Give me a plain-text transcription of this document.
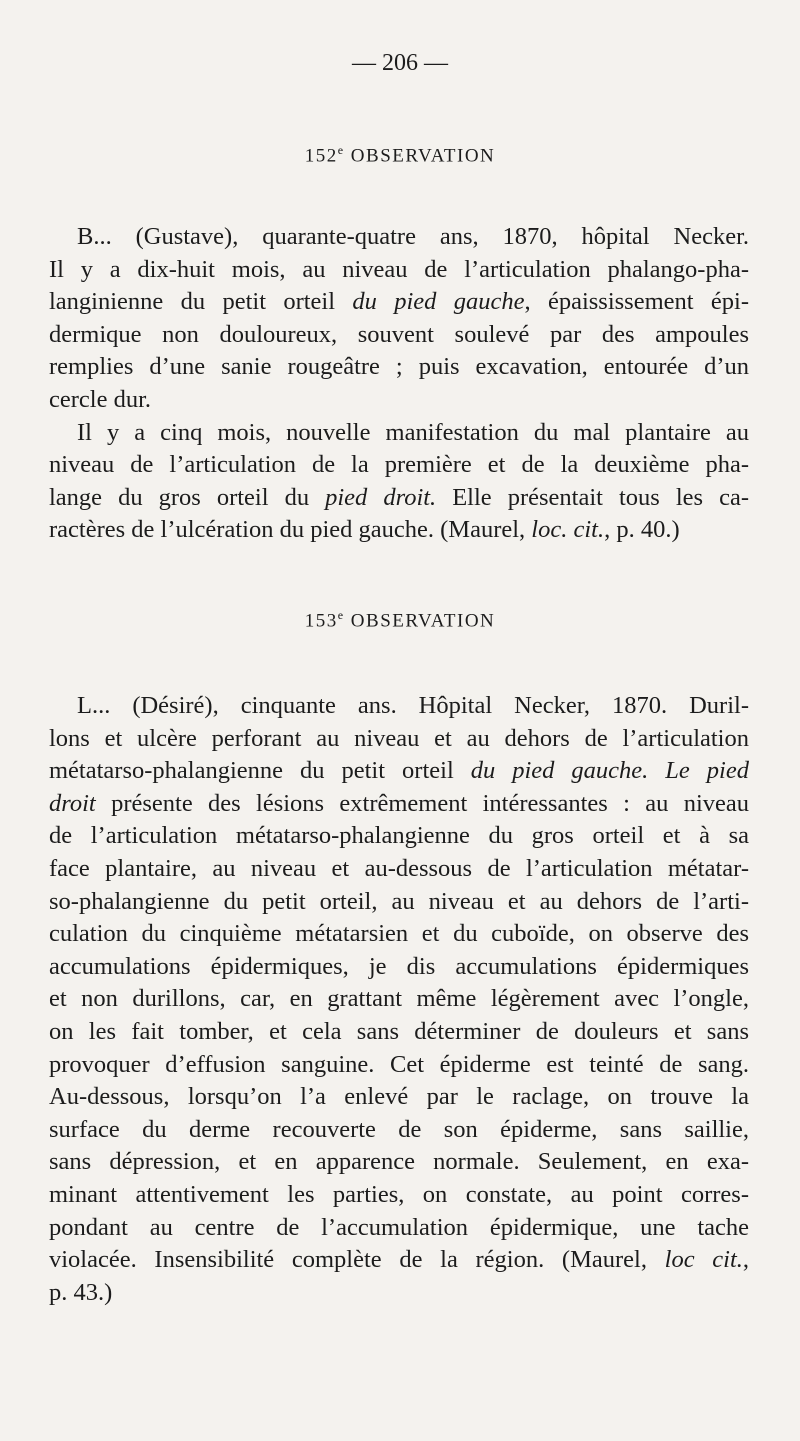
— 206 —
152e OBSERVATION
B... (Gustave), quarante-quatre ans, 1870, hôpital Necker.
Il y a dix-huit mois, au niveau de l’articulation phalango-pha-
langinienne du petit orteil du pied gauche, épaississement épi-
dermique non douloureux, souvent soulevé par des ampoules
remplies d’une sanie rougeâtre ; puis excavation, entourée d’un
cercle dur.
Il y a cinq mois, nouvelle manifestation du mal plantaire au
niveau de l’articulation de la première et de la deuxième pha-
lange du gros orteil du pied droit. Elle présentait tous les ca-
ractères de l’ulcération du pied gauche. (Maurel, loc. cit., p. 40.)
153e OBSERVATION
L... (Désiré), cinquante ans. Hôpital Necker, 1870. Duril-
lons et ulcère perforant au niveau et au dehors de l’articulation
métatarso-phalangienne du petit orteil du pied gauche. Le pied
droit présente des lésions extrêmement intéressantes : au niveau
de l’articulation métatarso-phalangienne du gros orteil et à sa
face plantaire, au niveau et au-dessous de l’articulation métatar-
so-phalangienne du petit orteil, au niveau et au dehors de l’arti-
culation du cinquième métatarsien et du cuboïde, on observe des
accumulations épidermiques, je dis accumulations épidermiques
et non durillons, car, en grattant même légèrement avec l’ongle,
on les fait tomber, et cela sans déterminer de douleurs et sans
provoquer d’effusion sanguine. Cet épiderme est teinté de sang.
Au-dessous, lorsqu’on l’a enlevé par le raclage, on trouve la
surface du derme recouverte de son épiderme, sans saillie,
sans dépression, et en apparence normale. Seulement, en exa-
minant attentivement les parties, on constate, au point corres-
pondant au centre de l’accumulation épidermique, une tache
violacée. Insensibilité complète de la région. (Maurel, loc cit.,
p. 43.)
